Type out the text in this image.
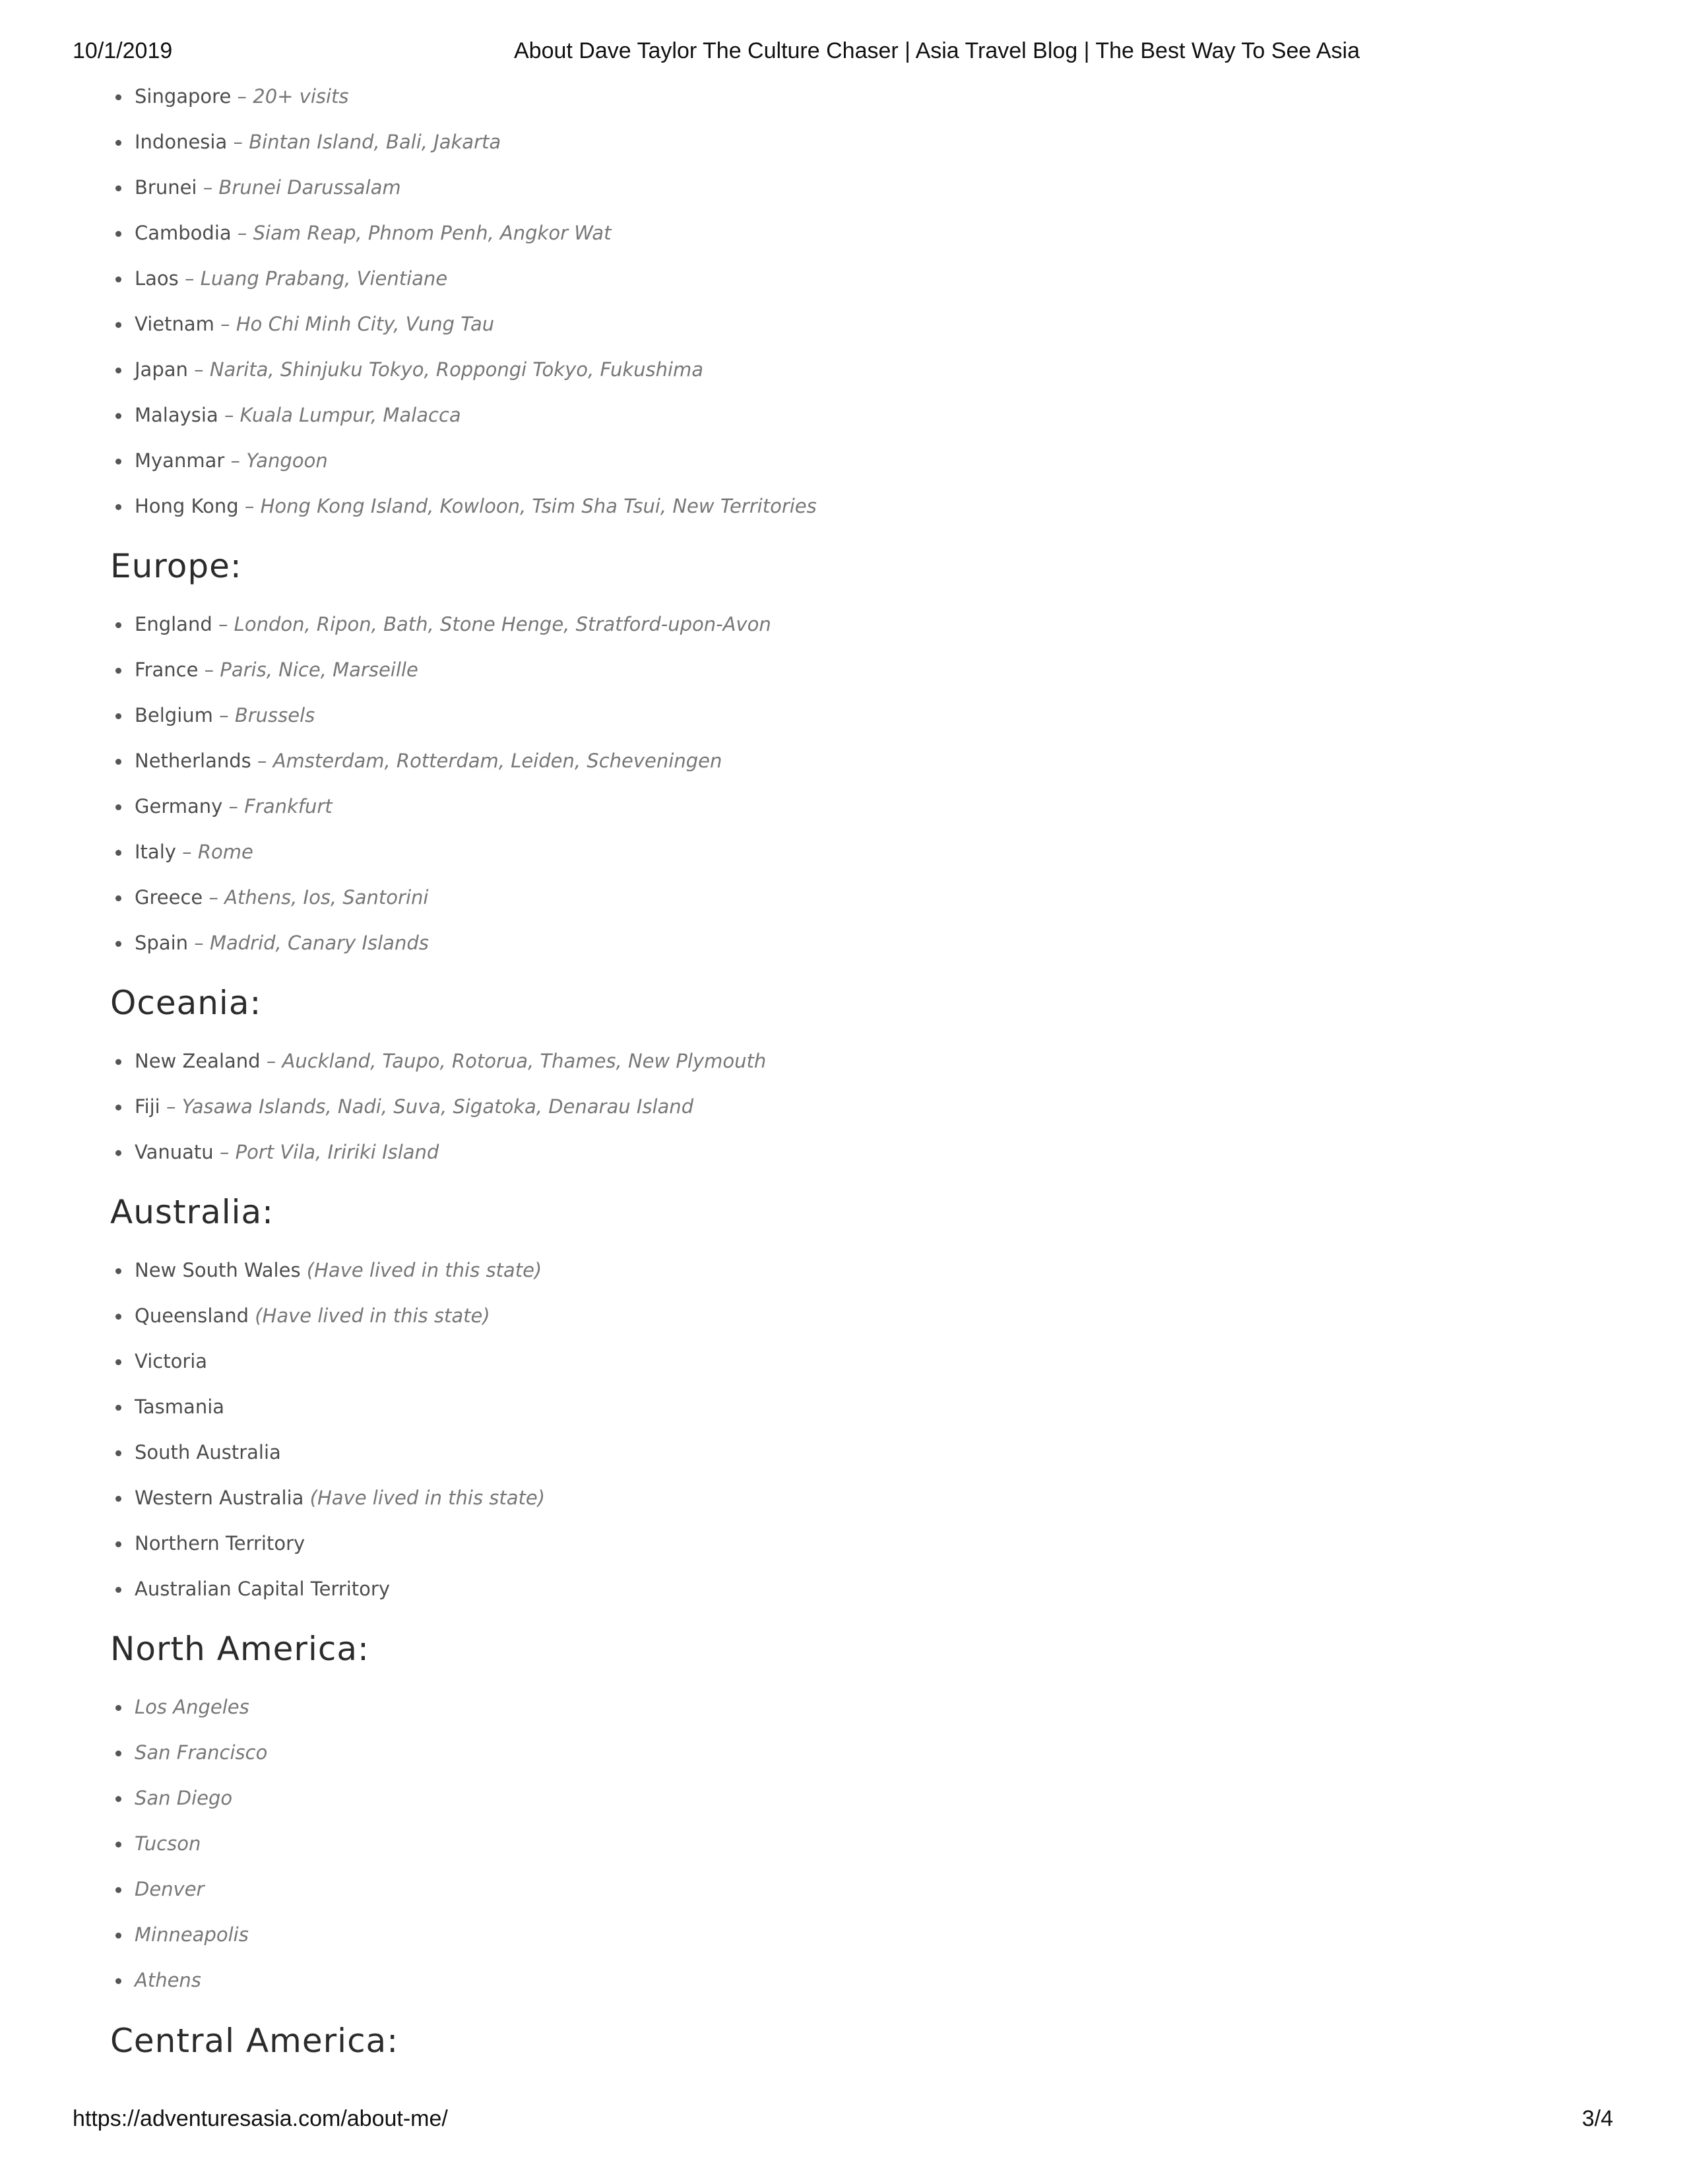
10/1/2019	About Dave Taylor The Culture Chaser | Asia Travel Blog | The Best Way To See Asia
Singapore – 20+ visits
Indonesia – Bintan Island, Bali, Jakarta
Brunei – Brunei Darussalam
Cambodia – Siam Reap, Phnom Penh, Angkor Wat
Laos – Luang Prabang, Vientiane
Vietnam – Ho Chi Minh City, Vung Tau
Japan – Narita, Shinjuku Tokyo, Roppongi Tokyo, Fukushima
Malaysia – Kuala Lumpur, Malacca
Myanmar – Yangoon
Hong Kong – Hong Kong Island, Kowloon, Tsim Sha Tsui, New Territories
Europe:
England – London, Ripon, Bath, Stone Henge, Stratford-upon-Avon
France – Paris, Nice, Marseille
Belgium – Brussels
Netherlands – Amsterdam, Rotterdam, Leiden, Scheveningen
Germany – Frankfurt
Italy – Rome
Greece – Athens, Ios, Santorini
Spain – Madrid, Canary Islands
Oceania:
New Zealand – Auckland, Taupo, Rotorua, Thames, New Plymouth
Fiji – Yasawa Islands, Nadi, Suva, Sigatoka, Denarau Island
Vanuatu – Port Vila, Iririki Island
Australia:
New South Wales (Have lived in this state)
Queensland (Have lived in this state)
Victoria
Tasmania
South Australia
Western Australia (Have lived in this state)
Northern Territory
Australian Capital Territory
North America:
Los Angeles
San Francisco
San Diego
Tucson
Denver
Minneapolis
Athens
Central America:
https://adventuresasia.com/about-me/	3/4
